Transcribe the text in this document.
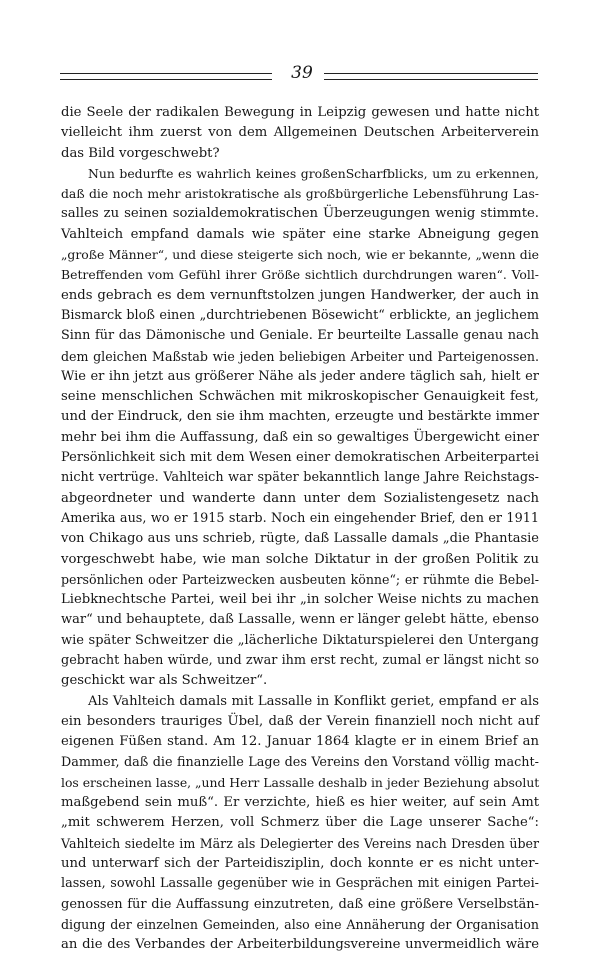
39
die Seele der radikalen Bewegung in Leipzig gewesen und hatte nicht
vielleicht ihm zuerst von dem Allgemeinen Deutschen Arbeiterverein
das Bild vorgeschwebt?
Nun bedurfte es wahrlich keines großenScharfblicks, um zu erkennen,
daß die noch mehr aristokratische als großbürgerliche Lebensführung Las-
salles zu seinen sozialdemokratischen Überzeugungen wenig stimmte.
Vahlteich empfand damals wie später eine starke Abneigung gegen
„große Männer“, und diese steigerte sich noch, wie er bekannte, „wenn die
Betreffenden vom Gefühl ihrer Größe sichtlich durchdrungen waren“. Voll-
ends gebrach es dem vernunftstolzen jungen Handwerker, der auch in
Bismarck bloß einen „durchtriebenen Bösewicht“ erblickte, an jeglichem
Sinn für das Dämonische und Geniale. Er beurteilte Lassalle genau nach
dem gleichen Maßstab wie jeden beliebigen Arbeiter und Parteigenossen.
Wie er ihn jetzt aus größerer Nähe als jeder andere täglich sah, hielt er
seine menschlichen Schwächen mit mikroskopischer Genauigkeit fest,
und der Eindruck, den sie ihm machten, erzeugte und bestärkte immer
mehr bei ihm die Auffassung, daß ein so gewaltiges Übergewicht einer
Persönlichkeit sich mit dem Wesen einer demokratischen Arbeiterpartei
nicht vertrüge. Vahlteich war später bekanntlich lange Jahre Reichstags-
abgeordneter und wanderte dann unter dem Sozialistengesetz nach
Amerika aus, wo er 1915 starb. Noch ein eingehender Brief, den er 1911
von Chikago aus uns schrieb, rügte, daß Lassalle damals „die Phantasie
vorgeschwebt habe, wie man solche Diktatur in der großen Politik zu
persönlichen oder Parteizwecken ausbeuten könne“; er rühmte die Bebel-
Liebknechtsche Partei, weil bei ihr „in solcher Weise nichts zu machen
war“ und behauptete, daß Lassalle, wenn er länger gelebt hätte, ebenso
wie später Schweitzer die „lächerliche Diktaturspielerei den Untergang
gebracht haben würde, und zwar ihm erst recht, zumal er längst nicht so
geschickt war als Schweitzer“.
Als Vahlteich damals mit Lassalle in Konflikt geriet, empfand er als
ein besonders trauriges Übel, daß der Verein finanziell noch nicht auf
eigenen Füßen stand. Am 12. Januar 1864 klagte er in einem Brief an
Dammer, daß die finanzielle Lage des Vereins den Vorstand völlig macht-
los erscheinen lasse, „und Herr Lassalle deshalb in jeder Beziehung absolut
maßgebend sein muß“. Er verzichte, hieß es hier weiter, auf sein Amt
„mit schwerem Herzen, voll Schmerz über die Lage unserer Sache“:
Vahlteich siedelte im März als Delegierter des Vereins nach Dresden über
und unterwarf sich der Parteidisziplin, doch konnte er es nicht unter-
lassen, sowohl Lassalle gegenüber wie in Gesprächen mit einigen Partei-
genossen für die Auffassung einzutreten, daß eine größere Verselbstän-
digung der einzelnen Gemeinden, also eine Annäherung der Organisation
an die des Verbandes der Arbeiterbildungsvereine unvermeidlich wäre
